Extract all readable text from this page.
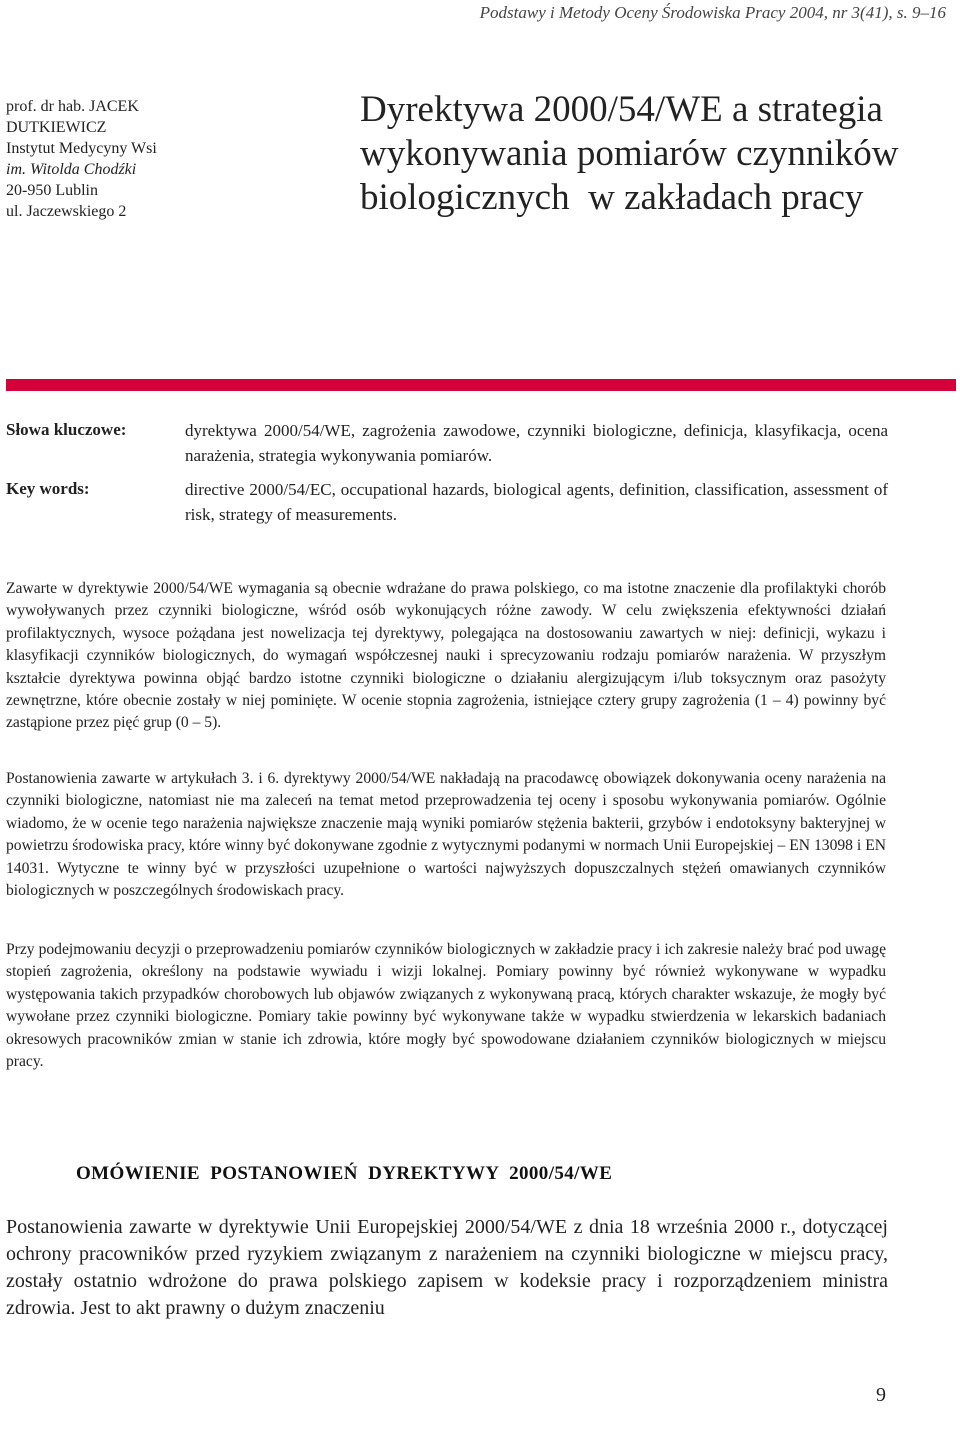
Podstawy i Metody Oceny Środowiska Pracy 2004, nr 3(41), s. 9–16
prof. dr hab. JACEK DUTKIEWICZ
Instytut Medycyny Wsi
im. Witolda Chodźki
20-950 Lublin
ul. Jaczewskiego 2
Dyrektywa 2000/54/WE a strategia
wykonywania pomiarów czynników
biologicznych  w zakładach pracy
Słowa kluczowe:	dyrektywa 2000/54/WE, zagrożenia zawodowe, czynniki biologiczne, definicja, klasyfikacja, ocena narażenia, strategia wykonywania pomiarów.
Key words:	directive 2000/54/EC, occupational hazards, biological agents, definition, classification, assessment of risk, strategy of measurements.

Zawarte w dyrektywie 2000/54/WE wymagania są obecnie wdrażane do prawa polskiego, co ma istotne znaczenie dla profilaktyki chorób wywoływanych przez czynniki biologiczne, wśród osób wykonujących różne zawody. W celu zwiększenia efektywności działań profilaktycznych, wysoce pożądana jest nowelizacja tej dyrektywy, polegająca na dostosowaniu zawartych w niej: definicji, wykazu i klasyfikacji czynników biologicznych, do wymagań współczesnej nauki i sprecyzowaniu rodzaju pomiarów narażenia. W przyszłym kształcie dyrektywa powinna objąć bardzo istotne czynniki biologiczne o działaniu alergizującym i/lub toksycznym oraz pasożyty zewnętrzne, które obecnie zostały w niej pominięte. W ocenie stopnia zagrożenia, istniejące cztery grupy zagrożenia (1 – 4) powinny być zastąpione przez pięć grup (0 – 5).

Postanowienia zawarte w artykułach 3. i 6. dyrektywy 2000/54/WE nakładają na pracodawcę obowiązek dokonywania oceny narażenia na czynniki biologiczne, natomiast nie ma zaleceń na temat metod przeprowadzenia tej oceny i sposobu wykonywania pomiarów. Ogólnie wiadomo, że w ocenie tego narażenia największe znaczenie mają wyniki pomiarów stężenia bakterii, grzybów i endotoksyny bakteryjnej w powietrzu środowiska pracy, które winny być dokonywane zgodnie z wytycznymi podanymi w normach Unii Europejskiej – EN 13098 i EN 14031. Wytyczne te winny być w przyszłości uzupełnione o wartości najwyższych dopuszczalnych stężeń omawianych czynników biologicznych w poszczególnych środowiskach pracy.

Przy podejmowaniu decyzji o przeprowadzeniu pomiarów czynników biologicznych w zakładzie pracy i ich zakresie należy brać pod uwagę stopień zagrożenia, określony na podstawie wywiadu i wizji lokalnej. Pomiary powinny być również wykonywane w wypadku występowania takich przypadków chorobowych lub objawów związanych z wykonywaną pracą, których charakter wskazuje, że mogły być wywołane przez czynniki biologiczne. Pomiary takie powinny być wykonywane także w wypadku stwierdzenia w lekarskich badaniach okresowych pracowników zmian w stanie ich zdrowia, które mogły być spowodowane działaniem czynników biologicznych w miejscu pracy.

OMÓWIENIE  POSTANOWIEŃ  DYREKTYWY  2000/54/WE

Postanowienia zawarte w dyrektywie Unii Europejskiej 2000/54/WE z dnia 18 września 2000 r., dotyczącej ochrony pracowników przed ryzykiem związanym z narażeniem na czynniki biologiczne w miejscu pracy, zostały ostatnio wdrożone do prawa polskiego zapisem w kodeksie pracy i rozporządzeniem ministra zdrowia. Jest to akt prawny o dużym znaczeniu

9
